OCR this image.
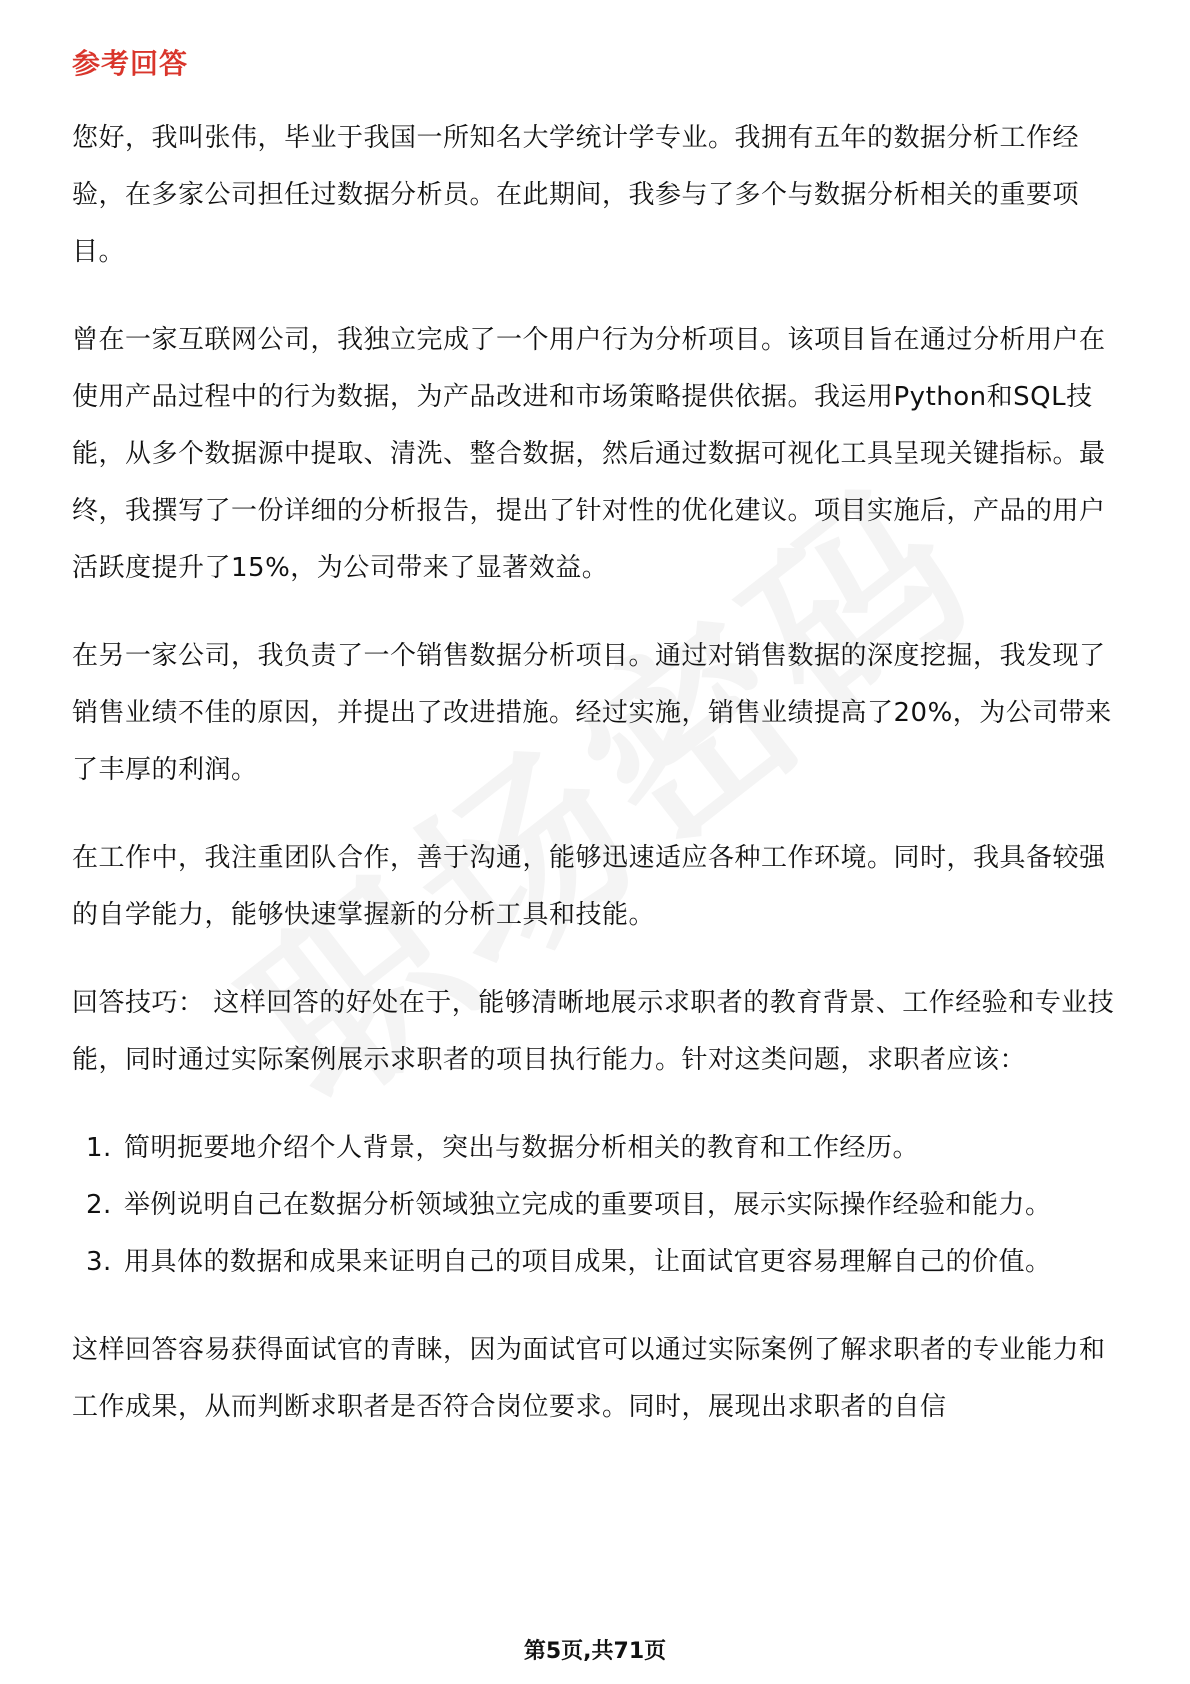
参考回答

您好，我叫张伟，毕业于我国一所知名大学统计学专业。我拥有五年的数据分析工作经验，在多家公司担任过数据分析员。在此期间，我参与了多个与数据分析相关的重要项目。

曾在一家互联网公司，我独立完成了一个用户行为分析项目。该项目旨在通过分析用户在使用产品过程中的行为数据，为产品改进和市场策略提供依据。我运用Python和SQL技能，从多个数据源中提取、清洗、整合数据，然后通过数据可视化工具呈现关键指标。最终，我撰写了一份详细的分析报告，提出了针对性的优化建议。项目实施后，产品的用户活跃度提升了15%，为公司带来了显著效益。

在另一家公司，我负责了一个销售数据分析项目。通过对销售数据的深度挖掘，我发现了销售业绩不佳的原因，并提出了改进措施。经过实施，销售业绩提高了20%，为公司带来了丰厚的利润。

在工作中，我注重团队合作，善于沟通，能够迅速适应各种工作环境。同时，我具备较强的自学能力，能够快速掌握新的分析工具和技能。

回答技巧： 这样回答的好处在于，能够清晰地展示求职者的教育背景、工作经验和专业技能，同时通过实际案例展示求职者的项目执行能力。针对这类问题，求职者应该：

1. 简明扼要地介绍个人背景，突出与数据分析相关的教育和工作经历。
2. 举例说明自己在数据分析领域独立完成的重要项目，展示实际操作经验和能力。
3. 用具体的数据和成果来证明自己的项目成果，让面试官更容易理解自己的价值。

这样回答容易获得面试官的青睐，因为面试官可以通过实际案例了解求职者的专业能力和工作成果，从而判断求职者是否符合岗位要求。同时，展现出求职者的自信

第5页,共71页
